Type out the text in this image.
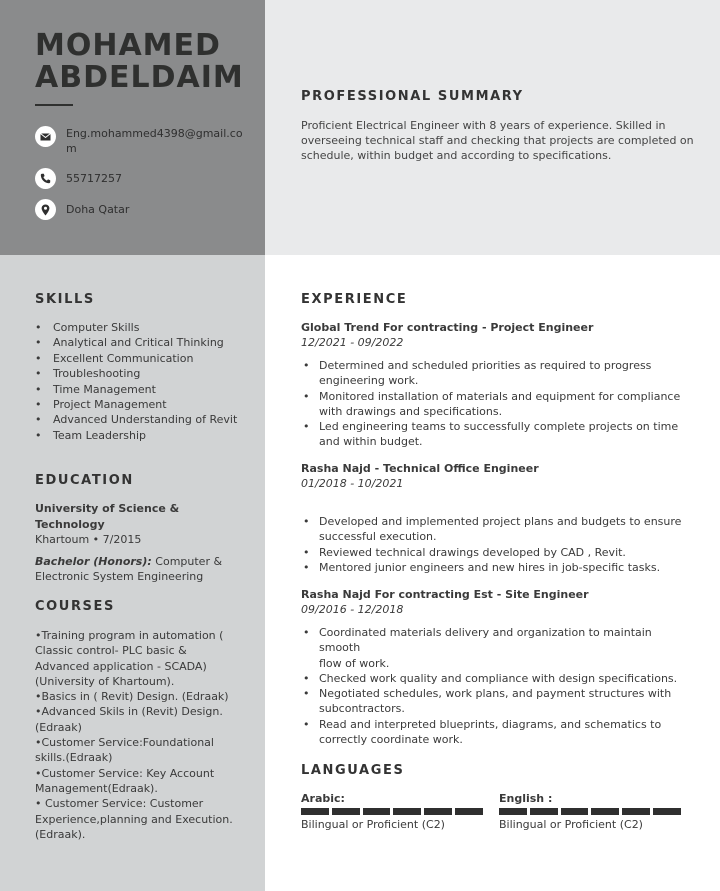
MOHAMED
ABDELDAIM
Eng.mohammed4398@gmail.co
m
55717257
Doha Qatar
PROFESSIONAL SUMMARY
Proficient Electrical Engineer with 8 years of experience. Skilled in
overseeing technical staff and checking that projects are completed on
schedule, within budget and according to specifications.
SKILLS
• Computer Skills
• Analytical and Critical Thinking
• Excellent Communication
• Troubleshooting
• Time Management
• Project Management
• Advanced Understanding of Revit
• Team Leadership
EDUCATION
University of Science & Technology
Khartoum • 7/2015
Bachelor (Honors): Computer &
Electronic System Engineering
COURSES
•Training program in automation (
Classic control- PLC basic &
Advanced application - SCADA)
(University of Khartoum).
•Basics in ( Revit) Design. (Edraak)
•Advanced Skils in (Revit) Design.
(Edraak)
•Customer Service:Foundational
skills.(Edraak)
•Customer Service: Key Account
Management(Edraak).
• Customer Service: Customer
Experience,planning and Execution.
(Edraak).
EXPERIENCE
Global Trend For contracting - Project Engineer
12/2021 - 09/2022
• Determined and scheduled priorities as required to progress
engineering work.
• Monitored installation of materials and equipment for compliance
with drawings and specifications.
• Led engineering teams to successfully complete projects on time
and within budget.
Rasha Najd - Technical Office Engineer
01/2018 - 10/2021
• Developed and implemented project plans and budgets to ensure
successful execution.
• Reviewed technical drawings developed by CAD , Revit.
• Mentored junior engineers and new hires in job-specific tasks.
Rasha Najd For contracting Est - Site Engineer
09/2016 - 12/2018
• Coordinated materials delivery and organization to maintain smooth
flow of work.
• Checked work quality and compliance with design specifications.
• Negotiated schedules, work plans, and payment structures with
subcontractors.
• Read and interpreted blueprints, diagrams, and schematics to
correctly coordinate work.
LANGUAGES
Arabic:
Bilingual or Proficient (C2)
English :
Bilingual or Proficient (C2)
